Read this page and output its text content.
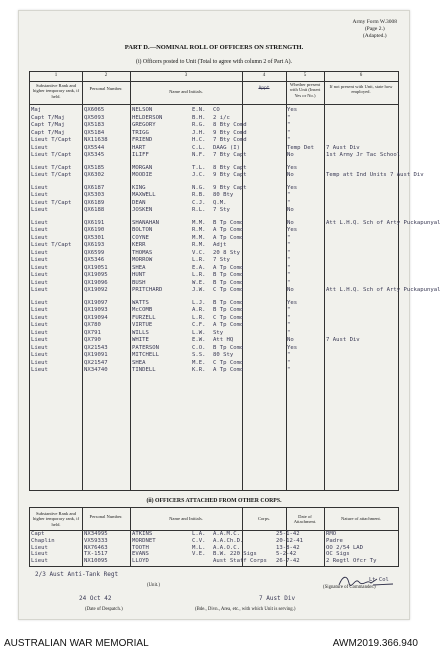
Army Form W.3008
(Page 2.)
(Adapted.)
PART D.—NOMINAL ROLL OF OFFICERS ON STRENGTH.
(i) Officers posted to Unit (Total to agree with column 2 of Part A).
1	2	3	4	5	6
Substantive Rank and higher temporary rank, if held.
Personal Number.
Name and Initials.
Appt
Whether present with Unit (Insert Yes or No.)
If not present with Unit, state how employed.
Maj	QX6065	NELSON	E.N.	CO	Yes
Capt T/Maj	QX5093	HELDERSON	B.H.	2 i/c	"
Capt T/Maj	QX5183	GREGORY	R.G.	8 Bty Comd	"
Capt T/Maj	QX5184	TRIGG	J.H.	9 Bty Comd	"
Lieut T/Capt	NX11638	FRIEND	H.C.	7 Bty Comd	"
Lieut	QX5544	HART	C.L.	DAAG (I)	Temp Det	7 Aust Div
Lieut T/Capt	QX5345	ILIFF	N.F.	7 Bty Capt	No	1st Army Jr Tac School
Lieut T/Capt	QX5185	MORGAN	T.L.	8 Bty Capt	Yes
Lieut T/Capt	QX6302	MOODIE	J.C.	9 Bty Capt	No	Temp att Ind Units 7 Aust Div
Lieut	QX6187	KING	N.G.	9 Bty Capt	Yes
Lieut	QX5303	MAXWELL	R.B.	80 Bty	"
Lieut T/Capt	QX6189	DEAN	C.J.	Q.M.	"
Lieut	QX6188	JOSKEN	R.L.	7 Sty	No
Lieut	QX6191	SHANAHAN	M.M.	B Tp Comd	No	Att L.H.Q. Sch of Arty Puckapunyal
Lieut	QX6190	BOLTON	R.M.	A Tp Comd	Yes
Lieut	QX5301	COYNE	M.M.	A Tp Comd	"
Lieut T/Capt	QX6193	KERR	R.M.	Adjt	"
Lieut	QX6599	THOMAS	V.C.	20 8 Sty	"
Lieut	QX5346	MORROW	L.R.	7 Sty	"
Lieut	QX19051	SHEA	E.A.	A Tp Comd	"
Lieut	QX19095	HUNT	L.R.	B Tp Comd	"
Lieut	QX19096	BUSH	W.E.	B Tp Comd	"
Lieut	QX19092	PRITCHARD	J.W.	C Tp Comd	No	Att L.H.Q. Sch of Arty Puckapunyal
Lieut	QX19097	WATTS	L.J.	B Tp Comd	Yes
Lieut	QX19093	McCOMB	A.R.	B Tp Comd	"
Lieut	QX19094	FURZELL	L.R.	C Tp Comd	"
Lieut	QX780	VIRTUE	C.F.	A Tp Comd	"
Lieut	QX791	WILLS	L.W.	Sty	"
Lieut	QX790	WHITE	E.W.	Att HQ	No	7 Aust Div
Lieut	QX21543	PATERSON	C.O.	B Tp Comd	Yes
Lieut	QX19091	MITCHELL	S.S.	80 Sty	"
Lieut	QX21547	SHEA	M.E.	C Tp Comd	"
Lieut	NX34740	TINDELL	K.R.	A Tp Comd	"
(ii) OFFICERS ATTACHED FROM OTHER CORPS.
Substantive Rank and higher temporary rank, if held.
Personal Number.	Name and Initials.	Corps.	Date of Attachment.
Nature of attachment.
Capt	NX34995	ATKINS	L.A.	A.A.M.C.	25-1-42	RMO
Chaplin	VX59333	MORDNET	C.V.	A.A.Ch.D.	20-12-41	Padre
Lieut	NX76463	TOOTH	M.L.	A.A.O.C.	13-8-42	OO 2/54 LAD
Lieut	TX-1517	EVANS	V.E.	B.W. 220 Sigs	5-2-42	OC Sigs
Lieut	NX10095	LLOYD	Aust Staff Corps	26-7-42	2 Regtl Ofcr Ty
2/3 Aust Anti-Tank Regt
(Unit.)
24 Oct 42	7 Aust Div
Lt Col
(Signature of Commander.)
(Date of Despatch.)	(Bde., Divn., Area, etc., with which Unit is serving.)
AUSTRALIAN WAR MEMORIAL	AWM2019.366.940
